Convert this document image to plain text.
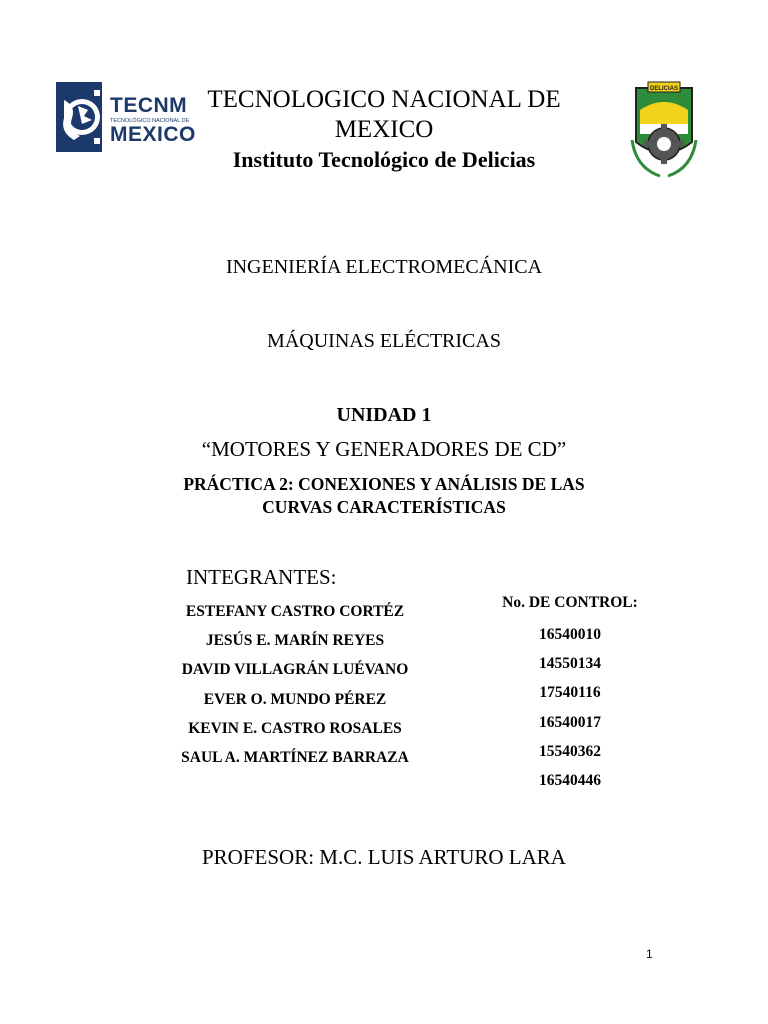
TECNM
TECNOLÓGICO NACIONAL DE
MEXICO
DELICIAS
TECNOLOGICO NACIONAL DE
MEXICO
Instituto Tecnológico de Delicias
INGENIERÍA ELECTROMECÁNICA
MÁQUINAS ELÉCTRICAS
UNIDAD 1
“MOTORES Y GENERADORES DE CD”
PRÁCTICA 2: CONEXIONES Y ANÁLISIS DE LAS
CURVAS CARACTERÍSTICAS
INTEGRANTES:
ESTEFANY CASTRO CORTÉZ
JESÚS E. MARÍN REYES
DAVID VILLAGRÁN LUÉVANO
EVER O. MUNDO PÉREZ
KEVIN E. CASTRO ROSALES
SAUL A. MARTÍNEZ BARRAZA
No. DE CONTROL:
16540010
14550134
17540116
16540017
15540362
16540446
PROFESOR: M.C. LUIS ARTURO LARA
1
